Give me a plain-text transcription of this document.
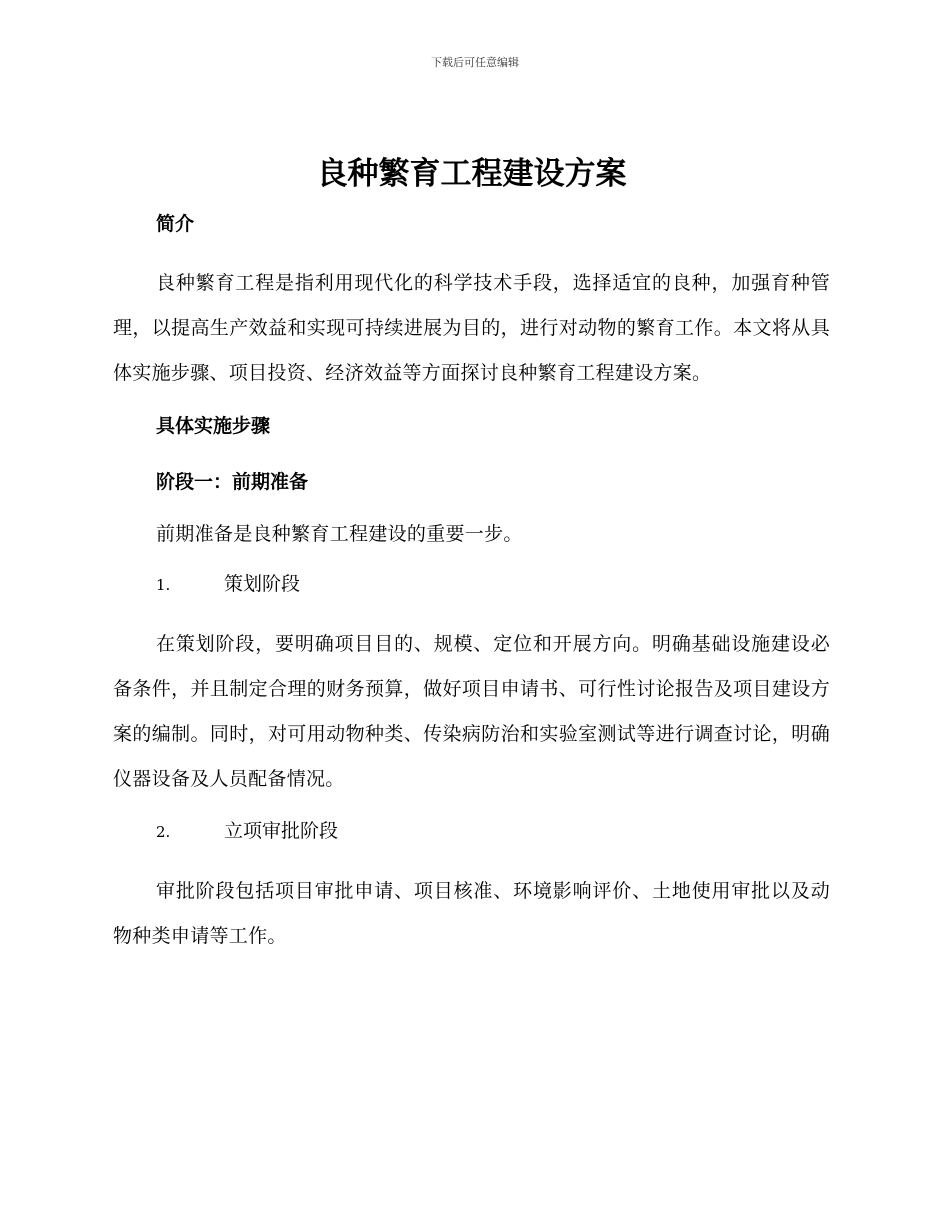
下载后可任意编辑
良种繁育工程建设方案

简介

良种繁育工程是指利用现代化的科学技术手段，选择适宜的良种，加强育种管理，以提高生产效益和实现可持续进展为目的，进行对动物的繁育工作。本文将从具体实施步骤、项目投资、经济效益等方面探讨良种繁育工程建设方案。

具体实施步骤

阶段一：前期准备

前期准备是良种繁育工程建设的重要一步。

1.	策划阶段

在策划阶段，要明确项目目的、规模、定位和开展方向。明确基础设施建设必备条件，并且制定合理的财务预算，做好项目申请书、可行性讨论报告及项目建设方案的编制。同时，对可用动物种类、传染病防治和实验室测试等进行调查讨论，明确仪器设备及人员配备情况。

2.	立项审批阶段

审批阶段包括项目审批申请、项目核准、环境影响评价、土地使用审批以及动物种类申请等工作。
